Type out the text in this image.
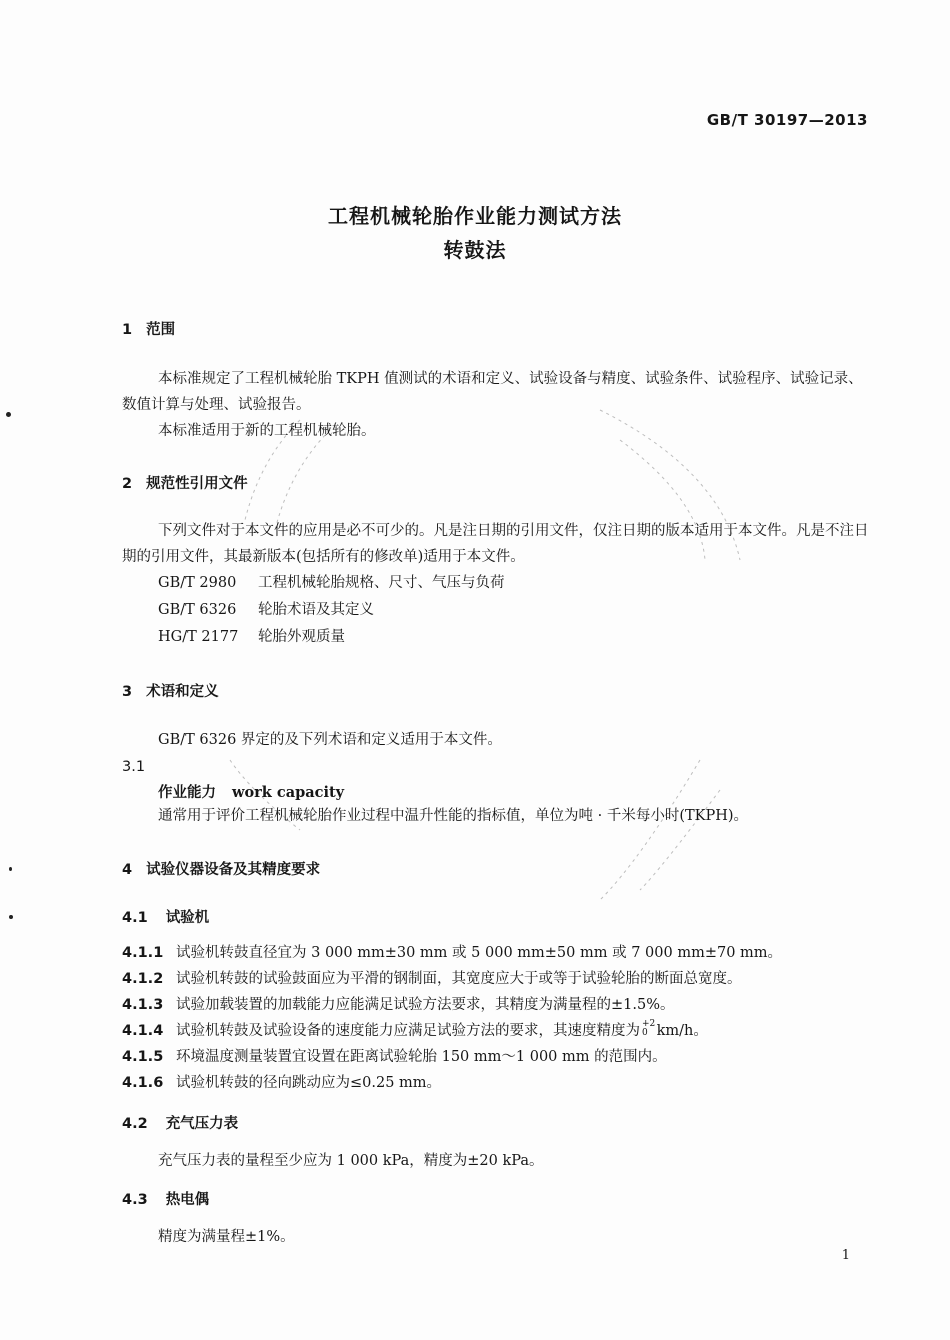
GB/T 30197—2013
工程机械轮胎作业能力测试方法
转鼓法
1 范围
本标准规定了工程机械轮胎 TKPH 值测试的术语和定义、试验设备与精度、试验条件、试验程序、试验记录、数值计算与处理、试验报告。
本标准适用于新的工程机械轮胎。
2 规范性引用文件
下列文件对于本文件的应用是必不可少的。凡是注日期的引用文件，仅注日期的版本适用于本文件。凡是不注日期的引用文件，其最新版本(包括所有的修改单)适用于本文件。
GB/T 2980 工程机械轮胎规格、尺寸、气压与负荷
GB/T 6326 轮胎术语及其定义
HG/T 2177 轮胎外观质量
3 术语和定义
GB/T 6326 界定的及下列术语和定义适用于本文件。
3.1
作业能力 work capacity
通常用于评价工程机械轮胎作业过程中温升性能的指标值，单位为吨 · 千米每小时(TKPH)。
4 试验仪器设备及其精度要求
4.1 试验机
4.1.1 试验机转鼓直径宜为 3 000 mm±30 mm 或 5 000 mm±50 mm 或 7 000 mm±70 mm。
4.1.2 试验机转鼓的试验鼓面应为平滑的钢制面，其宽度应大于或等于试验轮胎的断面总宽度。
4.1.3 试验加载装置的加载能力应能满足试验方法要求，其精度为满量程的±1.5%。
4.1.4 试验机转鼓及试验设备的速度能力应满足试验方法的要求，其速度精度为 +2
0 km/h。
4.1.5 环境温度测量装置宜设置在距离试验轮胎 150 mm～1 000 mm 的范围内。
4.1.6 试验机转鼓的径向跳动应为≤0.25 mm。
4.2 充气压力表
充气压力表的量程至少应为 1 000 kPa，精度为±20 kPa。
4.3 热电偶
精度为满量程±1%。
1
